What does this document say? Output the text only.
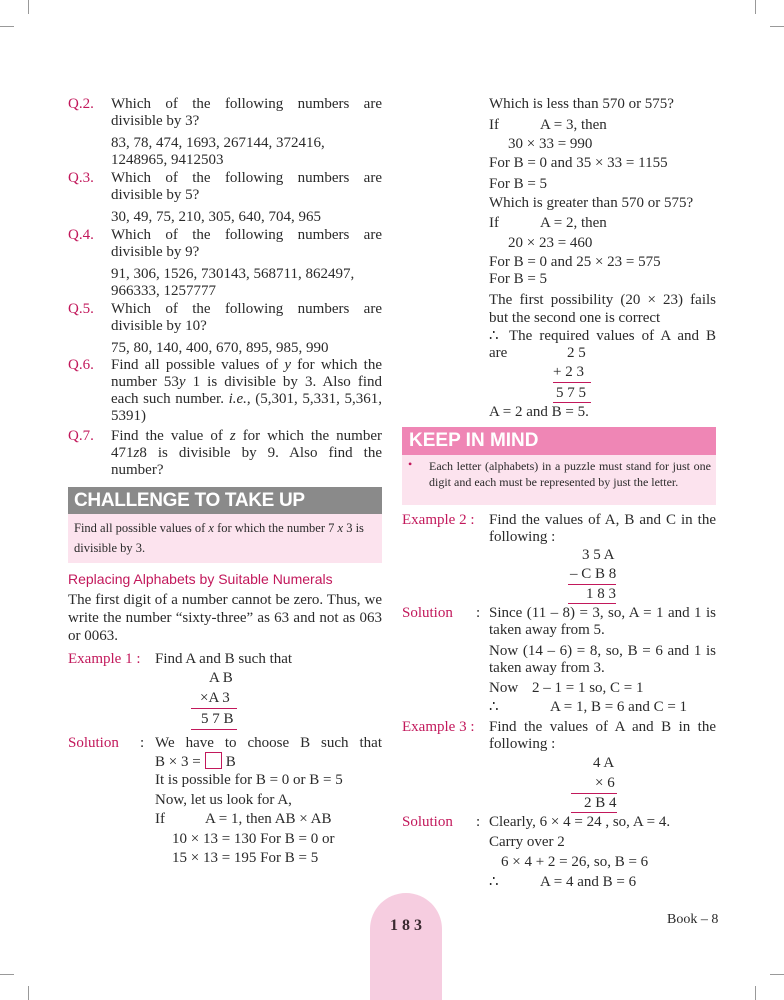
Q.2. Which of the following numbers are divisible by 3?
83, 78, 474, 1693, 267144, 372416, 1248965, 9412503
Q.3. Which of the following numbers are divisible by 5?
30, 49, 75, 210, 305, 640, 704, 965
Q.4. Which of the following numbers are divisible by 9?
91, 306, 1526, 730143, 568711, 862497, 966333, 1257777
Q.5. Which of the following numbers are divisible by 10?
75, 80, 140, 400, 670, 895, 985, 990
Q.6. Find all possible values of y for which the number 53y 1 is divisible by 3. Also find each such number. i.e., (5,301, 5,331, 5,361, 5391)
Q.7. Find the value of z for which the number 471z8 is divisible by 9. Also find the number?
CHALLENGE TO TAKE UP
Find all possible values of x for which the number 7 x 3 is divisible by 3.
Replacing Alphabets by Suitable Numerals
The first digit of a number cannot be zero. Thus, we write the number “sixty-three” as 63 and not as 063 or 0063.
Example 1 : Find A and B such that
A B
×A 3
5 7 B
Solution : We have to choose B such that
B × 3 = B
It is possible for B = 0 or B = 5
Now, let us look for A,
If	A = 1, then AB × AB
10 × 13 = 130 For B = 0 or
15 × 13 = 195 For B = 5
Which is less than 570 or 575?
If	A = 3, then
30 × 33 = 990
For B = 0 and 35 × 33 = 1155
For B = 5
Which is greater than 570 or 575?
If	A = 2, then
20 × 23 = 460
For B = 0 and 25 × 23 = 575
For B = 5
The first possibility (20 × 23) fails but the second one is correct
∴ The required values of A and B
are	2 5
+ 2 3
5 7 5
A = 2 and B = 5.
KEEP IN MIND
• Each letter (alphabets) in a puzzle must stand for just one digit and each must be represented by just the letter.
Example 2 : Find the values of A, B and C in the following :
3 5 A
– C B 8
1 8 3
Solution : Since (11 – 8) = 3, so, A = 1 and 1 is taken away from 5.
Now (14 – 6) = 8, so, B = 6 and 1 is taken away from 3.
Now 2 – 1 = 1 so, C = 1
∴	A = 1, B = 6 and C = 1
Example 3 : Find the values of A and B in the following :
4 A
× 6
2 B 4
Solution : Clearly, 6 × 4 = 24 , so, A = 4.
Carry over 2
6 × 4 + 2 = 26, so, B = 6
∴	A = 4 and B = 6
1 8 3	Book – 8
